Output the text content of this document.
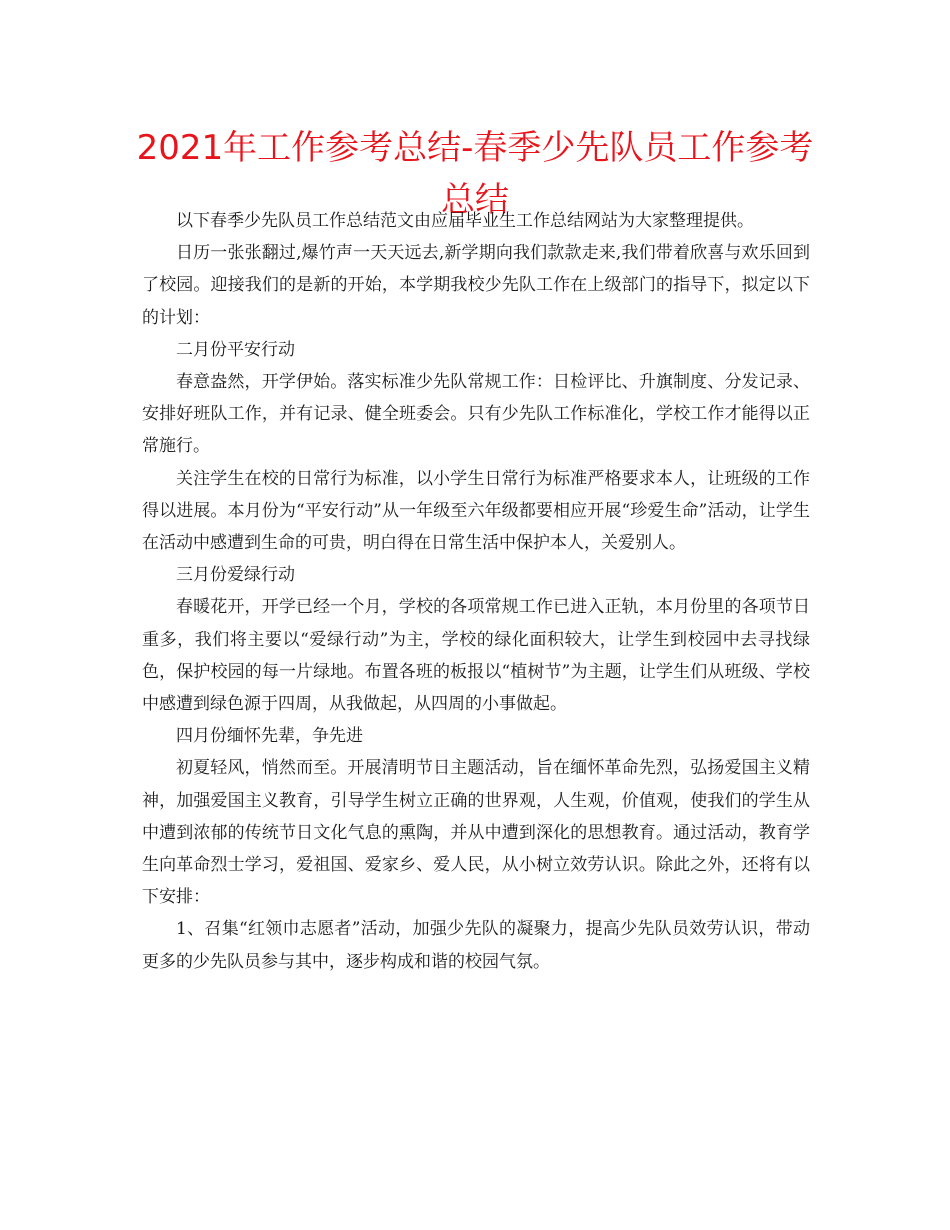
2021年工作参考总结-春季少先队员工作参考总结

以下春季少先队员工作总结范文由应届毕业生工作总结网站为大家整理提供。

日历一张张翻过,爆竹声一天天远去,新学期向我们款款走来,我们带着欣喜与欢乐回到了校园。迎接我们的是新的开始，本学期我校少先队工作在上级部门的指导下，拟定以下的计划：

二月份平安行动

春意盎然，开学伊始。落实标准少先队常规工作：日检评比、升旗制度、分发记录、安排好班队工作，并有记录、健全班委会。只有少先队工作标准化，学校工作才能得以正常施行。

关注学生在校的日常行为标准，以小学生日常行为标准严格要求本人，让班级的工作得以进展。本月份为“平安行动”从一年级至六年级都要相应开展“珍爱生命”活动，让学生在活动中感遭到生命的可贵，明白得在日常生活中保护本人，关爱别人。

三月份爱绿行动

春暖花开，开学已经一个月，学校的各项常规工作已进入正轨，本月份里的各项节日重多，我们将主要以“爱绿行动”为主，学校的绿化面积较大，让学生到校园中去寻找绿色，保护校园的每一片绿地。布置各班的板报以“植树节”为主题，让学生们从班级、学校中感遭到绿色源于四周，从我做起，从四周的小事做起。

四月份缅怀先辈，争先进

初夏轻风，悄然而至。开展清明节日主题活动，旨在缅怀革命先烈，弘扬爱国主义精神，加强爱国主义教育，引导学生树立正确的世界观，人生观，价值观，使我们的学生从中遭到浓郁的传统节日文化气息的熏陶，并从中遭到深化的思想教育。通过活动，教育学生向革命烈士学习，爱祖国、爱家乡、爱人民，从小树立效劳认识。除此之外，还将有以下安排：

1、召集“红领巾志愿者”活动，加强少先队的凝聚力，提高少先队员效劳认识，带动更多的少先队员参与其中，逐步构成和谐的校园气氛。
